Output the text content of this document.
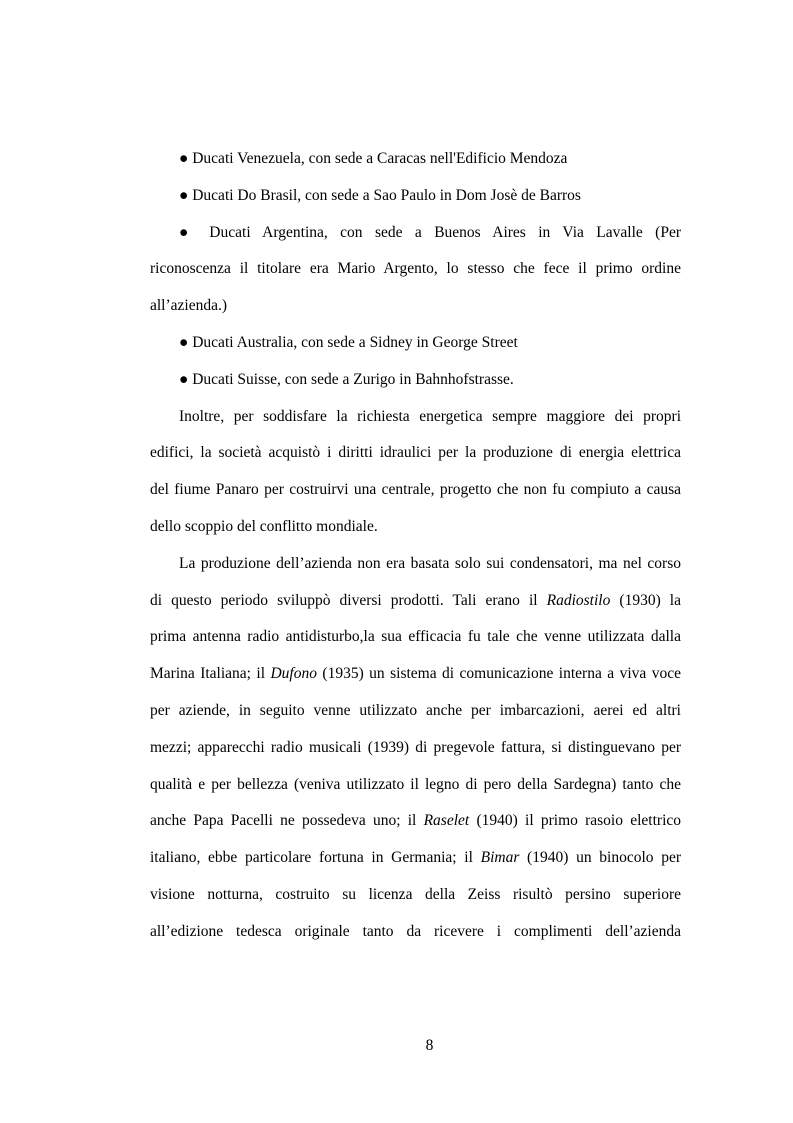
● Ducati Venezuela, con sede a Caracas nell'Edificio Mendoza
● Ducati Do Brasil, con sede a Sao Paulo in Dom Josè de Barros
● Ducati Argentina, con sede a Buenos Aires in Via Lavalle (Per
riconoscenza il titolare era Mario Argento, lo stesso che fece il primo ordine
all’azienda.)
● Ducati Australia, con sede a Sidney in George Street
● Ducati Suisse, con sede a Zurigo in Bahnhofstrasse.
Inoltre, per soddisfare la richiesta energetica sempre maggiore dei propri
edifici, la società acquistò i diritti idraulici per la produzione di energia elettrica
del fiume Panaro per costruirvi una centrale, progetto che non fu compiuto a causa
dello scoppio del conflitto mondiale.
La produzione dell’azienda non era basata solo sui condensatori, ma nel corso
di questo periodo sviluppò diversi prodotti. Tali erano il Radiostilo (1930) la
prima antenna radio antidisturbo,la sua efficacia fu tale che venne utilizzata dalla
Marina Italiana; il Dufono (1935) un sistema di comunicazione interna a viva voce
per aziende, in seguito venne utilizzato anche per imbarcazioni, aerei ed altri
mezzi; apparecchi radio musicali (1939) di pregevole fattura, si distinguevano per
qualità e per bellezza (veniva utilizzato il legno di pero della Sardegna) tanto che
anche Papa Pacelli ne possedeva uno; il Raselet (1940) il primo rasoio elettrico
italiano, ebbe particolare fortuna in Germania; il Bimar (1940) un binocolo per
visione notturna, costruito su licenza della Zeiss risultò persino superiore
all’edizione tedesca originale tanto da ricevere i complimenti dell’azienda
8
